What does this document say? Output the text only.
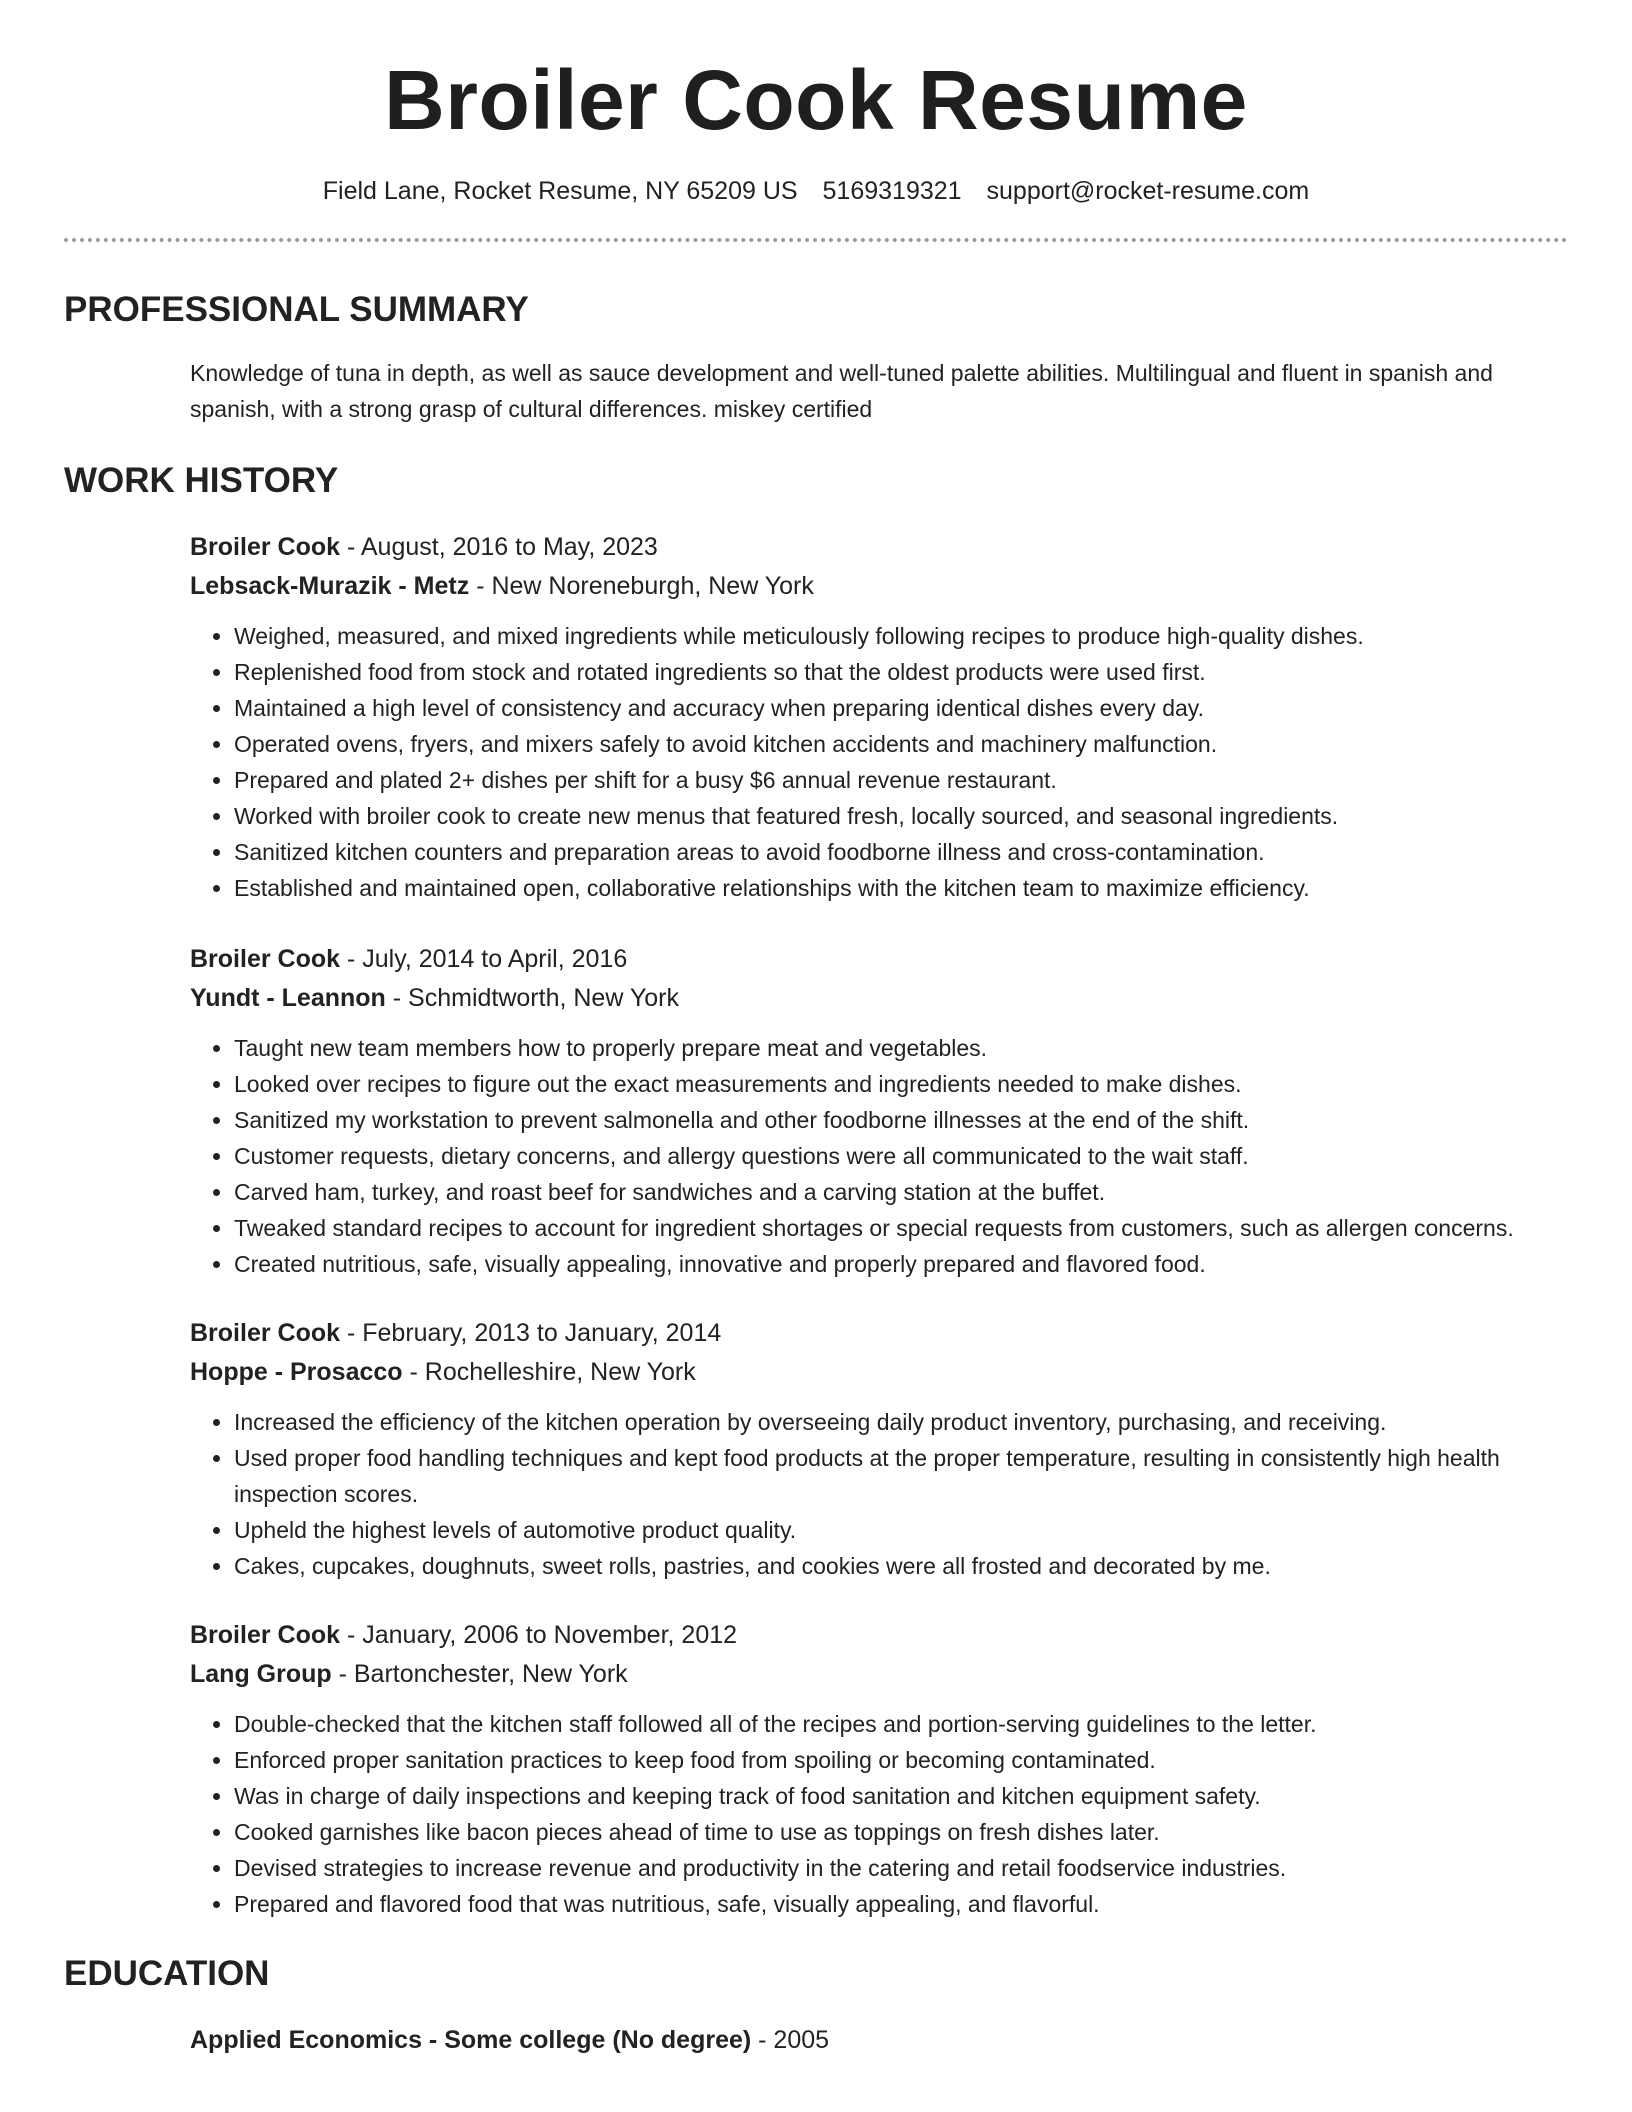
Broiler Cook Resume
Field Lane, Rocket Resume, NY 65209 US 5169319321 support@rocket-resume.com
PROFESSIONAL SUMMARY

Knowledge of tuna in depth, as well as sauce development and well-tuned palette abilities. Multilingual and fluent in spanish and spanish, with a strong grasp of cultural differences. miskey certified

WORK HISTORY
Broiler Cook - August, 2016 to May, 2023
Lebsack-Murazik - Metz - New Noreneburgh, New York
• Weighed, measured, and mixed ingredients while meticulously following recipes to produce high-quality dishes.
• Replenished food from stock and rotated ingredients so that the oldest products were used first.
• Maintained a high level of consistency and accuracy when preparing identical dishes every day.
• Operated ovens, fryers, and mixers safely to avoid kitchen accidents and machinery malfunction.
• Prepared and plated 2+ dishes per shift for a busy $6 annual revenue restaurant.
• Worked with broiler cook to create new menus that featured fresh, locally sourced, and seasonal ingredients.
• Sanitized kitchen counters and preparation areas to avoid foodborne illness and cross-contamination.
• Established and maintained open, collaborative relationships with the kitchen team to maximize efficiency.
Broiler Cook - July, 2014 to April, 2016
Yundt - Leannon - Schmidtworth, New York
• Taught new team members how to properly prepare meat and vegetables.
• Looked over recipes to figure out the exact measurements and ingredients needed to make dishes.
• Sanitized my workstation to prevent salmonella and other foodborne illnesses at the end of the shift.
• Customer requests, dietary concerns, and allergy questions were all communicated to the wait staff.
• Carved ham, turkey, and roast beef for sandwiches and a carving station at the buffet.
• Tweaked standard recipes to account for ingredient shortages or special requests from customers, such as allergen concerns.
• Created nutritious, safe, visually appealing, innovative and properly prepared and flavored food.
Broiler Cook - February, 2013 to January, 2014
Hoppe - Prosacco - Rochelleshire, New York
• Increased the efficiency of the kitchen operation by overseeing daily product inventory, purchasing, and receiving.
• Used proper food handling techniques and kept food products at the proper temperature, resulting in consistently high health inspection scores.
• Upheld the highest levels of automotive product quality.
• Cakes, cupcakes, doughnuts, sweet rolls, pastries, and cookies were all frosted and decorated by me.
Broiler Cook - January, 2006 to November, 2012
Lang Group - Bartonchester, New York
• Double-checked that the kitchen staff followed all of the recipes and portion-serving guidelines to the letter.
• Enforced proper sanitation practices to keep food from spoiling or becoming contaminated.
• Was in charge of daily inspections and keeping track of food sanitation and kitchen equipment safety.
• Cooked garnishes like bacon pieces ahead of time to use as toppings on fresh dishes later.
• Devised strategies to increase revenue and productivity in the catering and retail foodservice industries.
• Prepared and flavored food that was nutritious, safe, visually appealing, and flavorful.
EDUCATION
Applied Economics - Some college (No degree) - 2005
